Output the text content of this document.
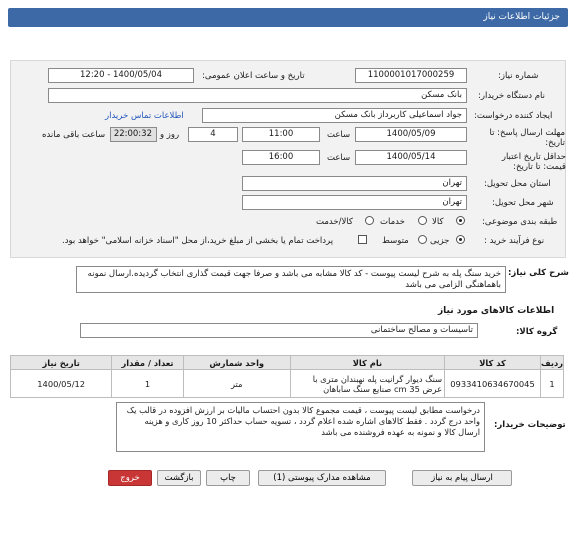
جزئیات اطلاعات نیاز
شماره نیاز:
1100001017000259
تاریخ و ساعت اعلان عمومی:
1400/05/04 - 12:20
نام دستگاه خریدار:
بانک مسکن
ایجاد کننده درخواست:
جواد اسماعیلی کاربرداز بانک مسکن
اطلاعات تماس خریدار
مهلت ارسال پاسخ: تا تاریخ:
1400/05/09
ساعت
11:00
4
روز و
22:00:32
ساعت باقی مانده
حداقل تاریخ اعتبار قیمت: تا تاریخ:
1400/05/14
ساعت
16:00
استان محل تحویل:
تهران
شهر محل تحویل:
تهران
طبقه بندی موضوعی:
کالا
خدمات
کالا/خدمت
نوع فرآیند خرید :
جزیی
متوسط
پرداخت تمام یا بخشی از مبلغ خرید،از محل "اسناد خزانه اسلامی" خواهد بود.
شرح کلی نیاز:
خرید سنگ پله به شرح لیست پیوست - کد کالا مشابه می باشد و صرفا جهت قیمت گذاری انتخاب گردیده.ارسال نمونه باهماهنگی الزامی می باشد
اطلاعات کالاهای مورد نیاز
گروه کالا:
تاسیسات و مصالح ساختمانی
ردیف	کد کالا	نام کالا	واحد شمارش	تعداد / مقدار	تاریخ نیاز
1	0933410634670045	سنگ دیوار گرانیت پله نهبندان متری با عرض 35 cm صنایع سنگ ساباهان	متر	1	1400/05/12
توضیحات خریدار:
درخواست مطابق لیست پیوست ، قیمت مجموع کالا بدون احتساب مالیات بر ارزش افزوده در قالب یک واحد درج گردد . فقط کالاهای اشاره شده اعلام گردد ، تسویه حساب حداکثر 10 روز کاری و هزینه ارسال کالا و نمونه به عهده فروشنده می باشد
ارسال پیام به نیاز
مشاهده مدارک پیوستی (1)
چاپ
بازگشت
خروج
